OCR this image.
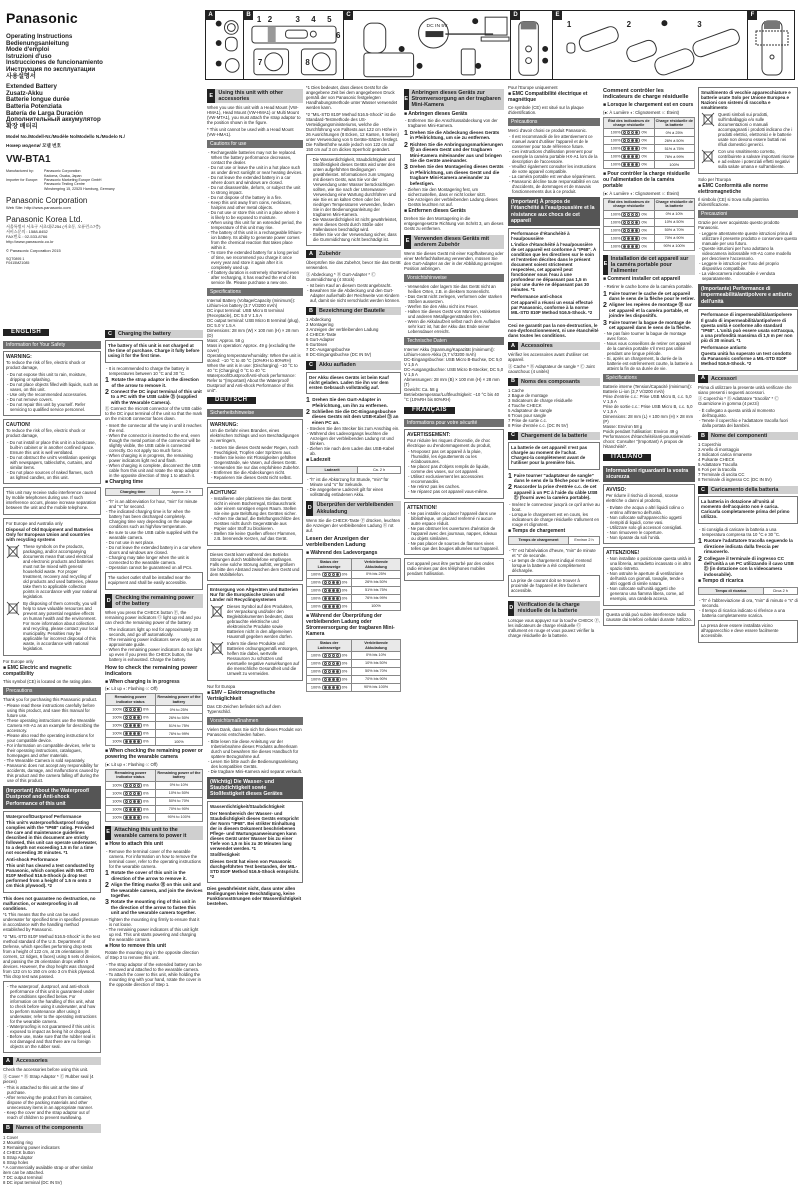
Panasonic
Operating Instructions
Bedienungsanleitung
Mode d'emploi
Istruzioni d'uso
Instrucciones de funcionamiento
Инструкция по эксплуатации
사용설명서
Extended Battery
Zusatz-Akku
Batterie longue durée
Batteria Potenziata
Batería de Larga Duración
Дополнительный аккумулятор
확장 배터리
Model No./Modell-Nr./Modèle No/Modello N./Modelo N./
Номер модели/ 모델 번호
VW-BTA1
Manufactured by:	Panasonic Corporation
Kadoma, Osaka, Japan
Importer for Europe:	Panasonic Marketing Europe GmbH
Panasonic Testing Centre
Winsbergring 15, 22525 Hamburg, Germany
Panasonic Corporation
Web Site: http://www.panasonic.com
Panasonic Korea Ltd.
서울특별시 서초구 서초대로254 (서초동, 오퓨런스7층)
서비스문의 : 1588-8452
FAX번호 : 02-533-8766
http://www.panasonic.co.kr
© Panasonic Corporation 2015
SQT0895 1
F0415MZ1085
A	B
1 2	3 4 5
6
7	8
C
DC IN 5V
D	E
1	2	3
F
ENGLISH
Information for Your Safety
WARNING:
To reduce the risk of fire, electric shock or product damage,
- Do not expose this unit to rain, moisture, dripping or splashing.
- Do not place objects filled with liquids, such as vases, on this unit.
- Use only the recommended accessories.
- Do not remove covers.
- Do not repair this unit by yourself. Refer servicing to qualified service personnel.
CAUTION!
To reduce the risk of fire, electric shock or product damage,
- Do not install or place this unit in a bookcase, built-in cabinet or in another confined space. Ensure this unit is well ventilated.
- Do not obstruct the unit's ventilation openings with newspapers, tablecloths, curtains, and similar items.
- Do not place sources of naked flames, such as lighted candles, on this unit.
This unit may receive radio interference caused by mobile telephones during use. If such interference occurs, please increase separation between the unit and the mobile telephone.
For Europe and Australia only
Disposal of Old Equipment and Batteries Only for European Union and countries with recycling systems
These symbols on the products, packaging, and/or accompanying documents mean that used electrical and electronic products and batteries must not be mixed with general household waste. For proper treatment, recovery and recycling of old products and used batteries, please take them to applicable collection points in accordance with your national legislation.
By disposing of them correctly, you will help to save valuable resources and prevent any potential negative effects on human health and the environment. For more information about collection and recycling, please contact your local municipality. Penalties may be applicable for incorrect disposal of this waste, in accordance with national legislation.
For Europe only
■ EMC Electric and magnetic compatibility
This symbol (CE) is located on the rating plate.
Precautions
Thank you for purchasing this Panasonic product.
- Please read these instructions carefully before using this product, and save this manual for future use.
- These operating instructions use the Wearable Camera HX-A1 as an example for describing the accessory.
- Please also read the operating instructions for your compatible device.
- For information on compatible devices, refer to their operating instructions, catalogues, homepages and other materials.
- The Wearable Camera is sold separately.
- Panasonic does not accept any responsibility for accidents, damage, and malfunctions caused by this product and the camera falling off during the use of this product.
(Important) About the Waterproof/ Dustproof and Anti-shock Performance of this unit
Waterproof/Dustproof Performance
This unit's waterproof/dustproof rating complies with the "IP68" rating. Provided the care and maintenance guidelines described in this document are strictly followed, this unit can operate underwater, to a depth not exceeding 1.5 m for a time not exceeding 30 minutes. *1
Anti-shock Performance
This unit has cleared a test conducted by Panasonic, which complies with MIL-STD 810F Method 516.5-Shock (a drop test performed from a height of 1.5 m onto 3 cm thick plywood). *2
This does not guarantee no destruction, no malfunction, or waterproofing in all conditions.
*1 This means that the unit can be used underwater for specified time in specified pressure in accordance with the handling method established by Panasonic.
*2 "MIL-STD 810F Method 516.5-Shock" is the test method standard of the U.S. Department of Defense, which specifies performing drop tests from a height of 122 cm, at 26 orientations (8 corners, 12 ridges, 6 faces) using 5 sets of devices, and passing the 26 orientation drops within 5 devices. However, the drop height was changed from 122 cm to 150 cm onto 3 cm thick plywood. This drop test was passed.
- The waterproof, dustproof, and anti-shock performance of this unit is guaranteed under the conditions specified below. For information on the handling of this unit, what to check before using it underwater, and how to perform maintenance after using it underwater, refer to the operating instructions for the wearable camera.
- Waterproofing is not guaranteed if this unit is exposed to impact as being hit or dropped.
- Before use, make sure that the rubber seal is not damaged and that there are no foreign objects on the rubber seal.
A	Accessories
Check the accessories before using this unit.
Ⓐ Cover * Ⓑ Strap Adaptor * Ⓒ Rubber seal (4 pieces)
- This is attached to this unit at the time of purchase.
- After removing the product from its container, dispose of the packing materials and other unnecessary items in an appropriate manner.
- Keep the cover and the strap adaptor out of reach of children to prevent swallowing.
B	Names of the components
1 Cover
2 Mounting ring
3 Remaining power indicators
4 CHECK button
5 Strap Adaptor
6 Strap holes
* A commercially available strap or other similar item can be attached.
7 DC output terminal
8 DC input terminal (DC IN 5V)
C	Charging the battery
The battery of this unit is not charged at the time of purchase. Charge it fully before using it for the first time.
- It is recommended to charge the battery in temperatures between 10 °C and 30 °C.
1 Rotate the strap adaptor in the direction of the arrow to remove it.
2 Connect the DC input terminal of this unit to a PC with the USB cable Ⓓ (supplied with the Wearable Camera).
Ⓔ Connect the microB connector of the USB cable to the DC input terminal of the unit so that the mark on the microB connector faces down.
- Insert the connector all the way in until it reaches the end.
- When the connector is inserted to the end, even though the metal portion of the connector will be slightly visible, the USB cable is connected correctly. Do not apply too much force.
- When charging is in progress, the remaining power indicators light red and flash.
- When charging is complete, disconnect the USB cable from this unit and rotate the strap adaptor in the opposite direction of Step 1 to attach it.
■ Charging time
Charging time	Approx. 2 h
- "h" is an abbreviation for hour, "min" for minute and "s" for second.
- The indicated charging time is for when the battery has been discharged completely. Charging time vary depending on the usage conditions such as high/low temperature.
- Be sure to use the USB cable supplied with the wearable camera.
- Do not use in wet place.
- Do not leave the extended battery in a car where doors and windows are closed.
- Charging may take longer when the unit is connected to the wearable camera.
- Operation cannot be guaranteed on all PCs.
The socket outlet shall be installed near the equipment and shall be easily accessible.
D Checking the remaining power of the battery
When you press the CHECK button Ⓕ, the remaining power indicators Ⓖ light up red and you can check the remaining power of the battery.
- The indicators light up red for approximately 20 seconds, and go off automatically.
- The remaining power indicators serve only as an approximate guide.
- When the remaining power indicators do not light up even if you press the CHECK button, the battery is exhausted. Charge the battery.
How to check the remaining power indicators
■ When charging is in progress
(●: Lit up ◐: Flashing ○: Off)
Remaining power indicator status	Remaining power of the battery
100% 0%	0% to 25%
100% 0%	26% to 50%
100% 0%	51% to 75%
100% 0%	76% to 99%
100% 0%	100%
■ When checking the remaining power or powering the wearable camera
(●: Lit up ◐: Flashing ○: Off)
Remaining power indicator status	Remaining power of the battery
100% 0%	0% to 10%
100% 0%	10% to 50%
100% 0%	50% to 70%
100% 0%	70% to 90%
100% 0%	90% to 100%
E Attaching this unit to the wearable camera to power it
■ How to attach this unit
- Remove the terminal cover of the wearable camera. For information on how to remove the terminal cover, refer to the operating instructions for the wearable camera.
1 Rotate the cover of this unit in the direction of the arrow to remove it.
2 Align the fitting marks Ⓗ on this unit and the wearable camera, and join the devices together.
3 Rotate the mounting ring of this unit in the direction of the arrow to fasten this unit and the wearable camera together.
- Tighten the mounting ring firmly to ensure that it is not loose.
- The remaining power indicators of this unit light up red. This unit starts powering and charging the wearable camera.
■ How to remove this unit
Rotate the mounting ring in the opposite direction of Step 3 to remove this unit.
- The strap adaptor of the extended battery can be removed and attached to the wearable camera.
- To attach the cover to this unit, while holding the mounting ring with your hand, rotate the cover in the opposite direction of Step 1.
E Using this unit with other accessories
When you use this unit with a Head Mount (VW-HMA1), Head Mount (VW-HMA1) or Multi Mount (VW-MTA1), you must attach the strap adaptor to the position shown in the figure.
* This unit cannot be used with a Head Mount (VW-HMA1).
Cautions for use
- Rechargeable batteries may not be replaced. When the battery performance decreases, contact the dealer.
- Do not use or leave the unit in a hot place such as under direct sunlight or near heating devices.
- Do not leave the extended battery in a car where doors and windows are closed.
- Do not disassemble, deform, or subject the unit to strong impact.
- Do not dispose of the battery in a fire.
- Keep this unit away from coins, necklaces, hairpins and other metal objects.
- Do not use or store this unit in a place where it is likely to be exposed to moisture.
- When using this unit for an extended period, the temperature of this unit may rise.
- The battery of this unit is a rechargeable lithium-ion battery. Its ability to generate power comes from the chemical reaction that takes place within it.
- To store the extended battery for a long period of time, we recommend you charge it once every year and store it again after it is completely used up.
- If battery duration is extremely shortened even after recharging, it has reached the end of its service life. Please purchase a new one.
Specifications
Internal Battery (Voltage/Capacity (minimum)): Lithium-ion battery (3.7 V/3200 mAh)
DC input terminal: USB Micro B terminal (Receptacle), DC 5.0 V 1.5 A
DC output terminal: USB Micro B terminal (plug), DC 5.0 V 1.5 A
Dimensions: 28 mm (W) × 100 mm (H) × 28 mm (D)
Mass: Approx. 58 g
Mass in operation: Approx. 49 g (excluding the cover)
Operating temperature/humidity: When the unit is stored: −10 °C to 40 °C (10%RH to 80%RH) When the unit is in use: (Discharging) −10 °C to 40 °C (Charging) 0 °C to 40 °C
Waterproof/Dustproof/Anti-shock performance: Refer to "(Important) About the Waterproof/ Dustproof and Anti-shock Performance of this unit".
DEUTSCH
Sicherheitshinweise
WARNUNG:
Um die Gefahr eines Brandes, eines elektrischen Schlags und von Beschädigungen zu verringern,
- Setzen Sie dieses Gerät weder Regen, noch Feuchtigkeit, Tropfen oder Spritzern aus.
- Stellen Sie keine mit Flüssigkeiten gefüllten Gegenstände, wie Vasen, auf dieses Gerät.
- Verwenden Sie nur das empfohlene Zubehör.
- Entfernen Sie die Abdeckungen nicht.
- Reparieren Sie dieses Gerät nicht selbst.
ACHTUNG!
- Installieren oder platzieren Sie das Gerät nicht in einem Bücherregal, Einbauschrank oder einem sonstigen engen Raum. Stellen Sie eine gute Belüftung des Gerätes sicher.
- Achten Sie darauf, die Belüftungsschlitze des Gerätes nicht durch Gegenstände aus Papier oder Stoff zu blockieren.
- Stellen Sie keine Quellen offener Flammen, z.B. brennende Kerzen, auf das Gerät.
Dieses Gerät kann während des Betriebs Störungen durch Mobiltelefone empfangen. Falls eine solche Störung auftritt, vergrößern Sie bitte den Abstand zwischen dem Gerät und dem Mobiltelefon.
Entsorgung von Altgeräten und Batterien Nur für die Europäische Union und Länder mit Recyclingsystemen
Dieses Symbol auf den Produkten, der Verpackung und/oder den Begleitdokumenten bedeutet, dass gebrauchte elektrische und elektronische Produkte sowie Batterien nicht in den allgemeinen Hausmüll gegeben werden dürfen.
Indem Sie diese Produkte und Batterien ordnungsgemäß entsorgen, helfen Sie dabei, wertvolle Ressourcen zu schützen und eventuelle negative Auswirkungen auf die menschliche Gesundheit und die Umwelt zu vermeiden.
Nur für Europa
■ EMV – Elektromagnetische Verträglichkeit
Das CE-Zeichen befindet sich auf dem Typenschild.
Vorsichtsmaßnahmen
Vielen Dank, dass Sie sich für dieses Produkt von Panasonic entschieden haben.
- Bitte lesen Sie diese Anleitung vor der Inbetriebnahme dieses Produkts aufmerksam durch und bewahren Sie dieses Handbuch für spätere Bezugnahme auf.
- Lesen Sie bitte auch die Bedienungsanleitung des kompatiblen Geräts.
- Die tragbare Mini-Kamera wird separat verkauft.
(Wichtig) Die Wasser- und Staubdichtigkeit sowie Stoßfestigkeit dieses Gerätes
Wasserdichtigkeit/Staubdichtigkeit
Der Nennbereich der Wasser- und Staubdichtigkeit dieses Geräts entspricht der Norm "IP68". Bei strikter Einhaltung der in diesem Dokument beschriebenen Pflege- und Wartungsanweisungen kann dieses Gerät unter Wasser bis zu einer Tiefe von 1,5 m bis zu 30 Minuten lang verwendet werden. *1
Stoßfestigkeit
Dieses Gerät hat einen von Panasonic durchgeführten Test bestanden, der MIL-STD 810F Method 516.5-Shock entspricht. *2
Dies gewährleistet nicht, dass unter allen Bedingungen keine Beschädigung, keine Funktionsstörungen oder Wasserdichtigkeit bestehen.
*1 Dies bedeutet, dass dieses Gerät für die angegebene Zeit bei dem angegebenen Druck gemäß der von Panasonic festgelegten Handhabungsmethode unter Wasser verwendet werden kann.
*2 "MIL-STD 810F Method 516.5-Shock" ist die Standard-Testmethode des US-Verteidigungsministeriums, welche die Durchführung von Falltests aus 122 cm Höhe in 26 Ausrichtungen (8 Ecken, 12 Kanten, 6 Seiten) unter Verwendung von 5 Geräte-Sätzen festlegt. Die Falltesthöhe wurde jedoch von 122 cm auf 150 cm auf 3 cm dickes Sperrholz geändert.
- Die Wasserdichtigkeit, Staubdichtigkeit und Stoßfestigkeit dieses Geräts wird unter den unten aufgeführten Bedingungen gewährleistet. Informationen zum Umgang mit diesem Gerät, was Sie vor der Verwendung unter Wasser berücksichtigen sollten, wie Sie nach der Unterwasser-Verwendung eine Wartung durchführen und wie Sie es an kalten Orten oder bei niedrigen Temperaturen verwenden, finden Sie in der Bedienungsanleitung der tragbaren Mini-Kamera.
- Die Wasserdichtigkeit ist nicht gewährleistet, wenn dieses Gerät durch Stöße oder Fallenlassen beschädigt wird.
- Stellen Sie vor der Verwendung sicher, dass die Gummidichtung nicht beschädigt ist.
A	Zubehör
Überprüfen Sie das Zubehör, bevor Sie das Gerät verwenden.
Ⓐ Abdeckung * Ⓑ Gurt-Adapter * Ⓒ Gummidichtung (4 Stück)
- Ist beim Kauf an diesem Gerät angebracht.
- Bewahren Sie die Abdeckung und den Gurt-Adapter außerhalb der Reichweite von Kindern auf, damit sie nicht verschluckt werden können.
B	Bezeichnung der Bauteile
1 Abdeckung
2 Montagering
3 Anzeigen der verbleibenden Ladung
4 CHECK-Taste
5 Gurt-Adapter
6 Gurtösen
7 DC-Ausgangsbuchse
8 DC-Eingangsbuchse (DC IN 5V)
C	Akku aufladen
Der Akku dieses Geräts ist beim Kauf nicht geladen. Laden Sie ihn vor dem ersten Gebrauch vollständig auf.
1 Drehen Sie den Gurt-Adapter in Pfeilrichtung, um ihn zu entfernen.
2 Schließen Sie die DC-Eingangsbuchse dieses Geräts mit dem USB-Kabel Ⓓ an einen PC an.
- Stecken Sie den Stecker bis zum Anschlag ein.
- Während des Ladevorgangs leuchten die Anzeigen der verbleibenden Ladung rot und blinken.
- Ziehen Sie nach dem Laden das USB-Kabel ab.
■ Ladezeit
Ladezeit	Ca. 2 h
- "h" ist die Abkürzung für Stunde, "min" für Minute und "s" für Sekunde.
- Die angegebene Ladezeit gilt für einen vollständig entladenen Akku.
D Überprüfen der verbleibenden Akkuladung
Wenn Sie die CHECK-Taste Ⓕ drücken, leuchten die Anzeigen der verbleibenden Ladung Ⓖ rot auf.
Lesen der Anzeigen der verbleibenden Ladung
■ Während des Ladevorgangs
Status der Ladeanzeige	Verbleibende Akkuladung
100% 0%	0% bis 25%
100% 0%	26% bis 50%
100% 0%	51% bis 75%
100% 0%	76% bis 99%
100% 0%	100%
■ Während der Überprüfung der verbleibenden Ladung oder Stromversorgung der tragbaren Mini-Kamera
Status der Ladeanzeige	Verbleibende Akkuladung
100% 0%	0% bis 10%
100% 0%	10% bis 50%
100% 0%	50% bis 70%
100% 0%	70% bis 90%
100% 0%	90% bis 100%
E
Anbringen dieses Geräts zur Stromversorgung an der tragbaren Mini-Kamera
■ Anbringen dieses Geräts
- Entfernen Sie die Anschlussabdeckung von der tragbaren Mini-Kamera.
1 Drehen Sie die Abdeckung dieses Geräts in Pfeilrichtung, um sie zu entfernen.
2 Richten Sie die Anbringungsmarkierungen Ⓗ an diesem Gerät und der tragbaren Mini-Kamera miteinander aus und bringen Sie die Geräte aneinander.
3 Drehen Sie den Montagering dieses Geräts in Pfeilrichtung, um dieses Gerät und die tragbare Mini-Kamera aneinander zu befestigen.
- Ziehen Sie den Montagering fest, um sicherzustellen, dass er nicht locker sitzt.
- Die Anzeigen der verbleibenden Ladung dieses Geräts leuchten rot auf.
■ Entfernen dieses Geräts
Drehen Sie den Montagering in die entgegengesetzte Richtung von Schritt 3, um dieses Gerät zu entfernen.
E Verwenden dieses Geräts mit anderem Zubehör
Wenn Sie dieses Gerät mit einer Kopfhalterung oder einer Mehrfachhalterung verwenden, müssen Sie den Gurt-Adapter an der in der Abbildung gezeigten Position anbringen.
Vorsichtshinweise
- Verwenden oder lagern Sie das Gerät nicht an heißen Orten, z.B. in direktem Sonnenlicht.
- Das Gerät nicht zerlegen, verformen oder starken Stößen aussetzen.
- Werfen Sie den Akku nicht ins Feuer.
- Halten Sie dieses Gerät von Münzen, Halsketten und anderen Metallgegenständen fern.
- Wenn die Akkulaufzeit selbst nach dem Aufladen sehr kurz ist, hat der Akku das Ende seiner Lebensdauer erreicht.
Technische Daten
Interner Akku (Spannung/Kapazität (minimum)): Lithium-Ionen-Akku (3,7 V/3200 mAh)
DC-Eingangsbuchse: USB Micro B-Buchse, DC 5,0 V 1,5 A
DC-Ausgangsbuchse: USB Micro B-Stecker, DC 5,0 V 1,5 A
Abmessungen: 28 mm (B) × 100 mm (H) × 28 mm (T)
Gewicht: Ca. 58 g
Betriebstemperatur/Luftfeuchtigkeit: −10 °C bis 40 °C (10%RH bis 80%RH)
FRANÇAIS
Informations pour votre sécurité
AVERTISSEMENT:
Pour réduire les risques d'incendie, de choc électrique ou d'endommagement du produit,
- N'exposez pas cet appareil à la pluie, l'humidité, les égouttements ou les éclaboussures.
- Ne placez pas d'objets remplis de liquide, comme des vases, sur cet appareil.
- Utilisez exclusivement les accessoires recommandés.
- Ne retirez pas les caches.
- Ne réparez pas cet appareil vous-même.
ATTENTION!
- Ne pas installer ou placer l'appareil dans une bibliothèque, un placard renfermé ni aucun autre espace réduit.
- Ne pas obstruer les ouvertures d'aération de l'appareil avec des journaux, nappes, rideaux ou objets similaires.
- Ne pas placer de sources de flammes vives telles que des bougies allumées sur l'appareil.
Cet appareil peut être perturbé par des ondes radio émises par des téléphones mobiles pendant l'utilisation.
Pour l'Europe uniquement
■ EMC Compatibilité électrique et magnétique
Ce symbole (CE) est situé sur la plaque d'identification.
Précautions
Merci d'avoir choisi ce produit Panasonic.
- Il est recommandé de lire attentivement ce manuel avant d'utiliser l'appareil et de le conserver pour toute référence future.
- Ces instructions d'utilisation prennent pour exemple la caméra portable HX-A1 lors de la description de l'accessoire.
- Veuillez également consulter les instructions de votre appareil compatible.
- La caméra portable est vendue séparément.
- Panasonic décline toute responsabilité en cas d'accidents, de dommages et de mauvais fonctionnements dus à ce produit.
(Important) À propos de l'étanchéité à l'eau/poussière et la résistance aux chocs de cet appareil
Performance d'étanchéité à l'eau/poussière
L'indice d'étanchéité à l'eau/poussière de cet appareil est conforme à "IP68". À condition que les directives sur le soin et l'entretien décrites dans le présent document soient strictement respectées, cet appareil peut fonctionner sous l'eau à une profondeur ne dépassant pas 1,5 m pour une durée ne dépassant pas 30 minutes. *1
Performance anti-chocs
Cet appareil a réussi un essai effectué par Panasonic, conforme à la norme MIL-STD 810F Method 516.5-Shock. *2
Ceci ne garantit pas la non-destruction, le non-dysfonctionnement, ni une étanchéité dans toutes les conditions.
A	Accessoires
Vérifiez les accessoires avant d'utiliser cet appareil.
Ⓐ Cache * Ⓑ Adaptateur de sangle * Ⓒ Joint caoutchouc (4 unités)
B	Noms des composants
1 Cache
2 Bague de montage
3 Indicateurs de charge résiduelle
4 Touche CHECK
5 Adaptateur de sangle
6 Trous pour sangle
7 Prise de sortie c.c.
8 Prise d'entrée c.c. (DC IN 5V)
C	Chargement de la batterie
La batterie de cet appareil n'est pas chargée au moment de l'achat. Chargez-la complètement avant de l'utiliser pour la première fois.
1 Faire tourner "adaptateur de sangle" dans le sens de la flèche pour le retirer.
2 Raccorder la prise d'entrée c.c. de cet appareil à un PC à l'aide du câble USB Ⓓ (fourni avec la caméra portable).
- Insérez le connecteur jusqu'à ce qu'il arrive au bout.
- Lorsque le chargement est en cours, les indicateurs de charge résiduelle s'allument en rouge et clignotent.
■ Temps de chargement
Temps de chargement	Environ 2 h
- "h" est l'abréviation d'heure, "min" de minute et "s" de seconde.
- Le temps de chargement indiqué s'entend lorsque la batterie a été complètement déchargée.
La prise de courant doit se trouver à proximité de l'appareil et être facilement accessible.
D Vérification de la charge résiduelle de la batterie
Lorsque vous appuyez sur la touche CHECK Ⓕ, les indicateurs de charge résiduelle Ⓖ s'allument en rouge et vous pouvez vérifier la charge résiduelle de la batterie.
Comment contrôler les indicateurs de charge résiduelle
■ Lorsque le chargement est en cours
(●: À Lumière ◐: Clignotement ○: Éteint)
État des indicateurs de charge résiduelle	Charge résiduelle de la batterie
100% 0%	0% à 25%
100% 0%	26% à 50%
100% 0%	51% à 75%
100% 0%	76% à 99%
100% 0%	100%
■ Pour contrôler la charge résiduelle ou l'alimentation de la caméra portable
(●: À Lumière ◐: Clignotement ○: Éteint)
État des indicateurs de charge résiduelle	Charge résiduelle de la batterie
100% 0%	0% à 10%
100% 0%	10% à 50%
100% 0%	50% à 70%
100% 0%	70% à 90%
100% 0%	90% à 100%
E
Installation de cet appareil sur la caméra portable pour l'alimenter
■ Comment installer cet appareil
- Retirer le cache borne de la caméra portable.
1 Faire tourner le cache de cet appareil dans le sens de la flèche pour le retirer.
2 Aligner les repères de montage Ⓗ sur cet appareil et la caméra portable, et joindre les dispositifs.
3 Faire tourner la bague de montage de cet appareil dans le sens de la flèche.
- Ne pas faire tourner la bague de montage avec force.
- Nous vous conseillons de retirer cet appareil de la caméra portable s'il n'est pas utilisé pendant une longue période.
- Si, après un chargement, la durée de la batterie est extrêmement courte, la batterie a atteint la fin de sa durée de vie.
Spécifications
Batterie interne (Tension/Capacité (minimum)): Batterie Li-ion (3,7 V/3200 mAh)
Prise d'entrée c.c.: Prise USB Micro B, c.c. 5,0 V 1,5 A
Prise de sortie c.c.: Prise USB Micro B, c.c. 5,0 V 1,5 A
Dimensions: 28 mm (L) × 100 mm (H) × 28 mm (P)
Masse: Environ 58 g
Poids pendant l'utilisation: Environ 49 g
Performances d'étanchéité/anti-poussière/anti-chocs: Consulter "(Important) À propos de l'étanchéité".
ITALIANO
Informazioni riguardanti la vostra sicurezza
AVVISO:
Per ridurre il rischio di incendi, scosse elettriche o danni al prodotto,
- Evitate che acqua o altri liquidi colino o entrino all'interno dell'unità.
- Non collocate sull'apparecchio oggetti riempiti di liquidi, come vasi.
- Utilizzare solo gli accessori consigliati.
- Non rimuovere le coperture.
- Non riparate da soli l'unità.
ATTENZIONE!
- Non installate o posizionate questa unità in una libreria, armadietto incassato o in altro spazio ristretto.
- Non ostruite le aperture di ventilazione dell'unità con giornali, tovaglie, tende o altri oggetti di simile natura.
- Non collocate sull'unità oggetti che generano una fiamma libera, come, ad esempio, una candela accesa.
Questa unità può subire interferenze radio causate dai telefoni cellulari durante l'utilizzo.
Smaltimento di vecchie apparecchiature e batterie usate Solo per Unione Europea e Nazioni con sistemi di raccolta e smaltimento
Questi simboli sui prodotti, sull'imballaggio e/o sulle documentazioni o manuali accompagnanti i prodotti indicano che i prodotti elettrici, elettronici e le batterie usate non devono essere buttati nei rifiuti domestici generici.
Con uno smaltimento corretto, contribuirete a salvare importanti risorse e ad evitare i potenziali effetti negativi sulla salute umana e sull'ambiente.
Solo per l'Europa
■ EMC Conformità alle norme elettromagnetiche
Il simbolo (CE) si trova sulla piastrina d'identificazione.
Precauzioni
Grazie per aver acquistato questo prodotto Panasonic.
- Leggere attentamente queste istruzioni prima di utilizzare il presente prodotto e conservare questo manuale per uso futuro.
- Queste istruzioni per l'uso adottano la videocamera indossabile HX-A1 come modello per descrivere l'accessorio.
- Leggere le istruzioni per l'uso del proprio dispositivo compatibile.
- La videocamera indossabile è venduta separatamente.
(Importante) Performance di impermeabilità/antipolvere e antiurto dell'unità
Performance di impermeabilità/antipolvere
Il grado di impermeabilità/antipolvere di questa unità è conforme allo standard "IP68". L'unità può essere usata sott'acqua, a una profondità massima di 1,5 m per non più di 30 minuti. *1
Performance antiurto
Questa unità ha superato un test condotto da Panasonic conforme a MIL-STD 810F Method 516.5-Shock. *2
A	Accessori
Prima di utilizzare la presente unità verificare che siano presenti i seguenti accessori.
Ⓐ Coperchio * Ⓑ Adattatore "tracolla" * Ⓒ Guarnizione in gomma (4 pezzi)
- È collegato a questa unità al momento dell'acquisto.
- Tenete il coperchio e l'adattatore tracolla fuori dalla portata dei bambini.
B	Nome dei componenti
1 Coperchio
2 Anello di montaggio
3 Indicatori carica rimanente
4 Pulsante CHECK
5 Adattatore Tracolla
6 Fori per la tracolla
7 Terminale di uscita CC
8 Terminale di ingresso CC (DC IN 5V)
C	Caricamento della batteria
La batteria in dotazione all'unità al momento dell'acquisto non è carica. Caricarla completamente prima del primo utilizzo.
- Si consiglia di caricare la batteria a una temperatura compresa tra 10 °C e 30 °C.
1 Ruotare l'adattatore tracolla seguendo la direzione indicata dalla freccia per rimuoverlo.
2 Collegare il terminale di ingresso CC dell'unità a un PC utilizzando il cavo USB Ⓓ (in dotazione con la videocamera indossabile).
■ Tempo di ricarica
Tempo di ricarica	Circa 2 h
- "h" è l'abbreviazione di ora, "min" di minuto e "s" di secondo.
- Il tempo di ricarica indicato si riferisce a una batteria completamente scarica.
La presa deve essere installata vicino all'apparecchio e deve essere facilmente accessibile.
